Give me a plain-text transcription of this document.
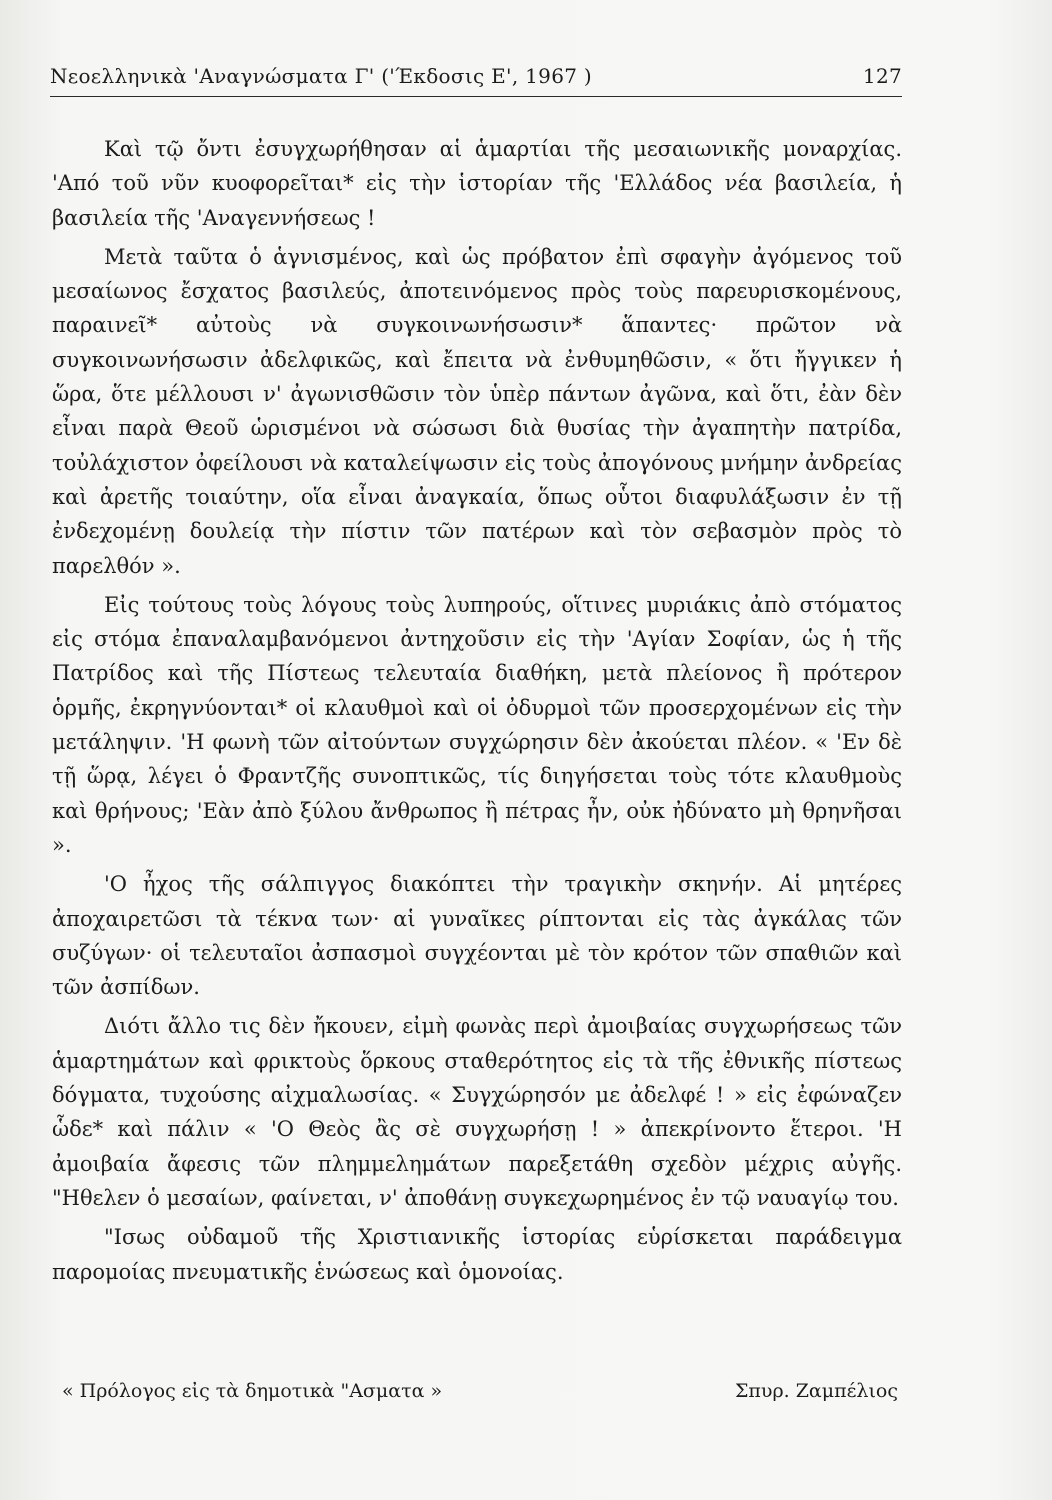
Νεοελληνικὰ 'Αναγνώσματα Γ' ('Έκδοσις Ε', 1967 )	127

Καὶ τῷ ὄντι ἐσυγχωρήθησαν αἱ ἁμαρτίαι τῆς μεσαιωνικῆς μοναρχίας. 'Από τοῦ νῦν κυοφορεῖται* εἰς τὴν ἱστορίαν τῆς 'Ελλάδος νέα βασιλεία, ἡ βασιλεία τῆς 'Αναγεννήσεως !

Μετὰ ταῦτα ὁ ἁγνισμένος, καὶ ὡς πρόβατον ἐπὶ σφαγὴν ἀγόμενος τοῦ μεσαίωνος ἔσχατος βασιλεύς, ἀποτεινόμενος πρὸς τοὺς παρευρισκομένους, παραινεῖ* αὐτοὺς νὰ συγκοινωνήσωσιν* ἅπαντες· πρῶτον νὰ συγκοινωνήσωσιν ἀδελφικῶς, καὶ ἔπειτα νὰ ἐνθυμηθῶσιν, « ὅτι ἤγγικεν ἡ ὥρα, ὅτε μέλλουσι ν' ἀγωνισθῶσιν τὸν ὑπὲρ πάντων ἀγῶνα, καὶ ὅτι, ἐὰν δὲν εἶναι παρὰ Θεοῦ ὡρισμένοι νὰ σώσωσι διὰ θυσίας τὴν ἀγαπητὴν πατρίδα, τοὐλάχιστον ὀφείλουσι νὰ καταλείψωσιν εἰς τοὺς ἀπογόνους μνήμην ἀνδρείας καὶ ἀρετῆς τοιαύτην, οἵα εἶναι ἀναγκαία, ὅπως οὗτοι διαφυλάξωσιν ἐν τῇ ἐνδεχομένῃ δουλείᾳ τὴν πίστιν τῶν πατέρων καὶ τὸν σεβασμὸν πρὸς τὸ παρελθόν ».

Εἰς τούτους τοὺς λόγους τοὺς λυπηρούς, οἵτινες μυριάκις ἀπὸ στόματος εἰς στόμα ἐπαναλαμβανόμενοι ἀντηχοῦσιν εἰς τὴν 'Αγίαν Σοφίαν, ὡς ἡ τῆς Πατρίδος καὶ τῆς Πίστεως τελευταία διαθήκη, μετὰ πλείονος ἢ πρότερον ὁρμῆς, ἐκρηγνύονται* οἱ κλαυθμοὶ καὶ οἱ ὀδυρμοὶ τῶν προσερχομένων εἰς τὴν μετάληψιν. 'Η φωνὴ τῶν αἰτούντων συγχώρησιν δὲν ἀκούεται πλέον. « 'Εν δὲ τῇ ὥρᾳ, λέγει ὁ Φραντζῆς συνοπτικῶς, τίς διηγήσεται τοὺς τότε κλαυθμοὺς καὶ θρήνους; 'Εὰν ἀπὸ ξύλου ἄνθρωπος ἢ πέτρας ἦν, οὐκ ἠδύνατο μὴ θρηνῆσαι ».

'Ο ἦχος τῆς σάλπιγγος διακόπτει τὴν τραγικὴν σκηνήν. Αἱ μητέρες ἀποχαιρετῶσι τὰ τέκνα των· αἱ γυναῖκες ρίπτονται εἰς τὰς ἀγκάλας τῶν συζύγων· οἱ τελευταῖοι ἀσπασμοὶ συγχέονται μὲ τὸν κρότον τῶν σπαθιῶν καὶ τῶν ἀσπίδων.

Διότι ἄλλο τις δὲν ἤκουεν, εἰμὴ φωνὰς περὶ ἀμοιβαίας συγχωρήσεως τῶν ἁμαρτημάτων καὶ φρικτοὺς ὅρκους σταθερότητος εἰς τὰ τῆς ἐθνικῆς πίστεως δόγματα, τυχούσης αἰχμαλωσίας. « Συγχώρησόν με ἀδελφέ ! » εἰς ἐφώναζεν ὧδε* καὶ πάλιν « 'Ο Θεὸς ἂς σὲ συγχωρήσῃ ! » ἀπεκρίνοντο ἕτεροι. 'Η ἀμοιβαία ἄφεσις τῶν πλημμελημάτων παρεξετάθη σχεδὸν μέχρις αὐγῆς. "Ηθελεν ὁ μεσαίων, φαίνεται, ν' ἀποθάνῃ συγκεχωρημένος ἐν τῷ ναυαγίῳ του.

"Ισως οὐδαμοῦ τῆς Χριστιανικῆς ἱστορίας εὑρίσκεται παράδειγμα παρομοίας πνευματικῆς ἑνώσεως καὶ ὁμονοίας.

« Πρόλογος εἰς τὰ δημοτικὰ "Ασματα »	Σπυρ. Ζαμπέλιος
